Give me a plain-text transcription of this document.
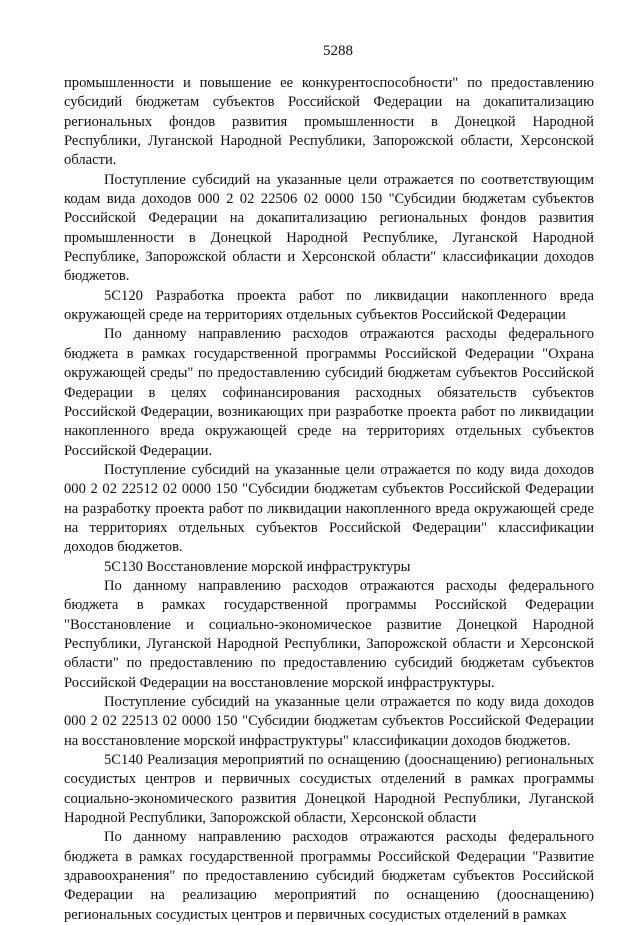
5288

промышленности и повышение ее конкурентоспособности" по предоставлению субсидий бюджетам субъектов Российской Федерации на докапитализацию региональных фондов развития промышленности в Донецкой Народной Республики, Луганской Народной Республики, Запорожской области, Херсонской области.

Поступление субсидий на указанные цели отражается по соответствующим кодам вида доходов 000 2 02 22506 02 0000 150 "Субсидии бюджетам субъектов Российской Федерации на докапитализацию региональных фондов развития промышленности в Донецкой Народной Республике, Луганской Народной Республике, Запорожской области и Херсонской области" классификации доходов бюджетов.

5С120 Разработка проекта работ по ликвидации накопленного вреда окружающей среде на территориях отдельных субъектов Российской Федерации

По данному направлению расходов отражаются расходы федерального бюджета в рамках государственной программы Российской Федерации "Охрана окружающей среды" по предоставлению субсидий бюджетам субъектов Российской Федерации в целях софинансирования расходных обязательств субъектов Российской Федерации, возникающих при разработке проекта работ по ликвидации накопленного вреда окружающей среде на территориях отдельных субъектов Российской Федерации.

Поступление субсидий на указанные цели отражается по коду вида доходов 000 2 02 22512 02 0000 150 "Субсидии бюджетам субъектов Российской Федерации на разработку проекта работ по ликвидации накопленного вреда окружающей среде на территориях отдельных субъектов Российской Федерации" классификации доходов бюджетов.

5С130 Восстановление морской инфраструктуры

По данному направлению расходов отражаются расходы федерального бюджета в рамках государственной программы Российской Федерации "Восстановление и социально-экономическое развитие Донецкой Народной Республики, Луганской Народной Республики, Запорожской области и Херсонской области" по предоставлению по предоставлению субсидий бюджетам субъектов Российской Федерации на восстановление морской инфраструктуры.

Поступление субсидий на указанные цели отражается по коду вида доходов 000 2 02 22513 02 0000 150 "Субсидии бюджетам субъектов Российской Федерации на восстановление морской инфраструктуры" классификации доходов бюджетов.

5С140 Реализация мероприятий по оснащению (дооснащению) региональных сосудистых центров и первичных сосудистых отделений в рамках программы социально-экономического развития Донецкой Народной Республики, Луганской Народной Республики, Запорожской области, Херсонской области

По данному направлению расходов отражаются расходы федерального бюджета в рамках государственной программы Российской Федерации "Развитие здравоохранения" по предоставлению субсидий бюджетам субъектов Российской Федерации на реализацию мероприятий по оснащению (дооснащению) региональных сосудистых центров и первичных сосудистых отделений в рамках
